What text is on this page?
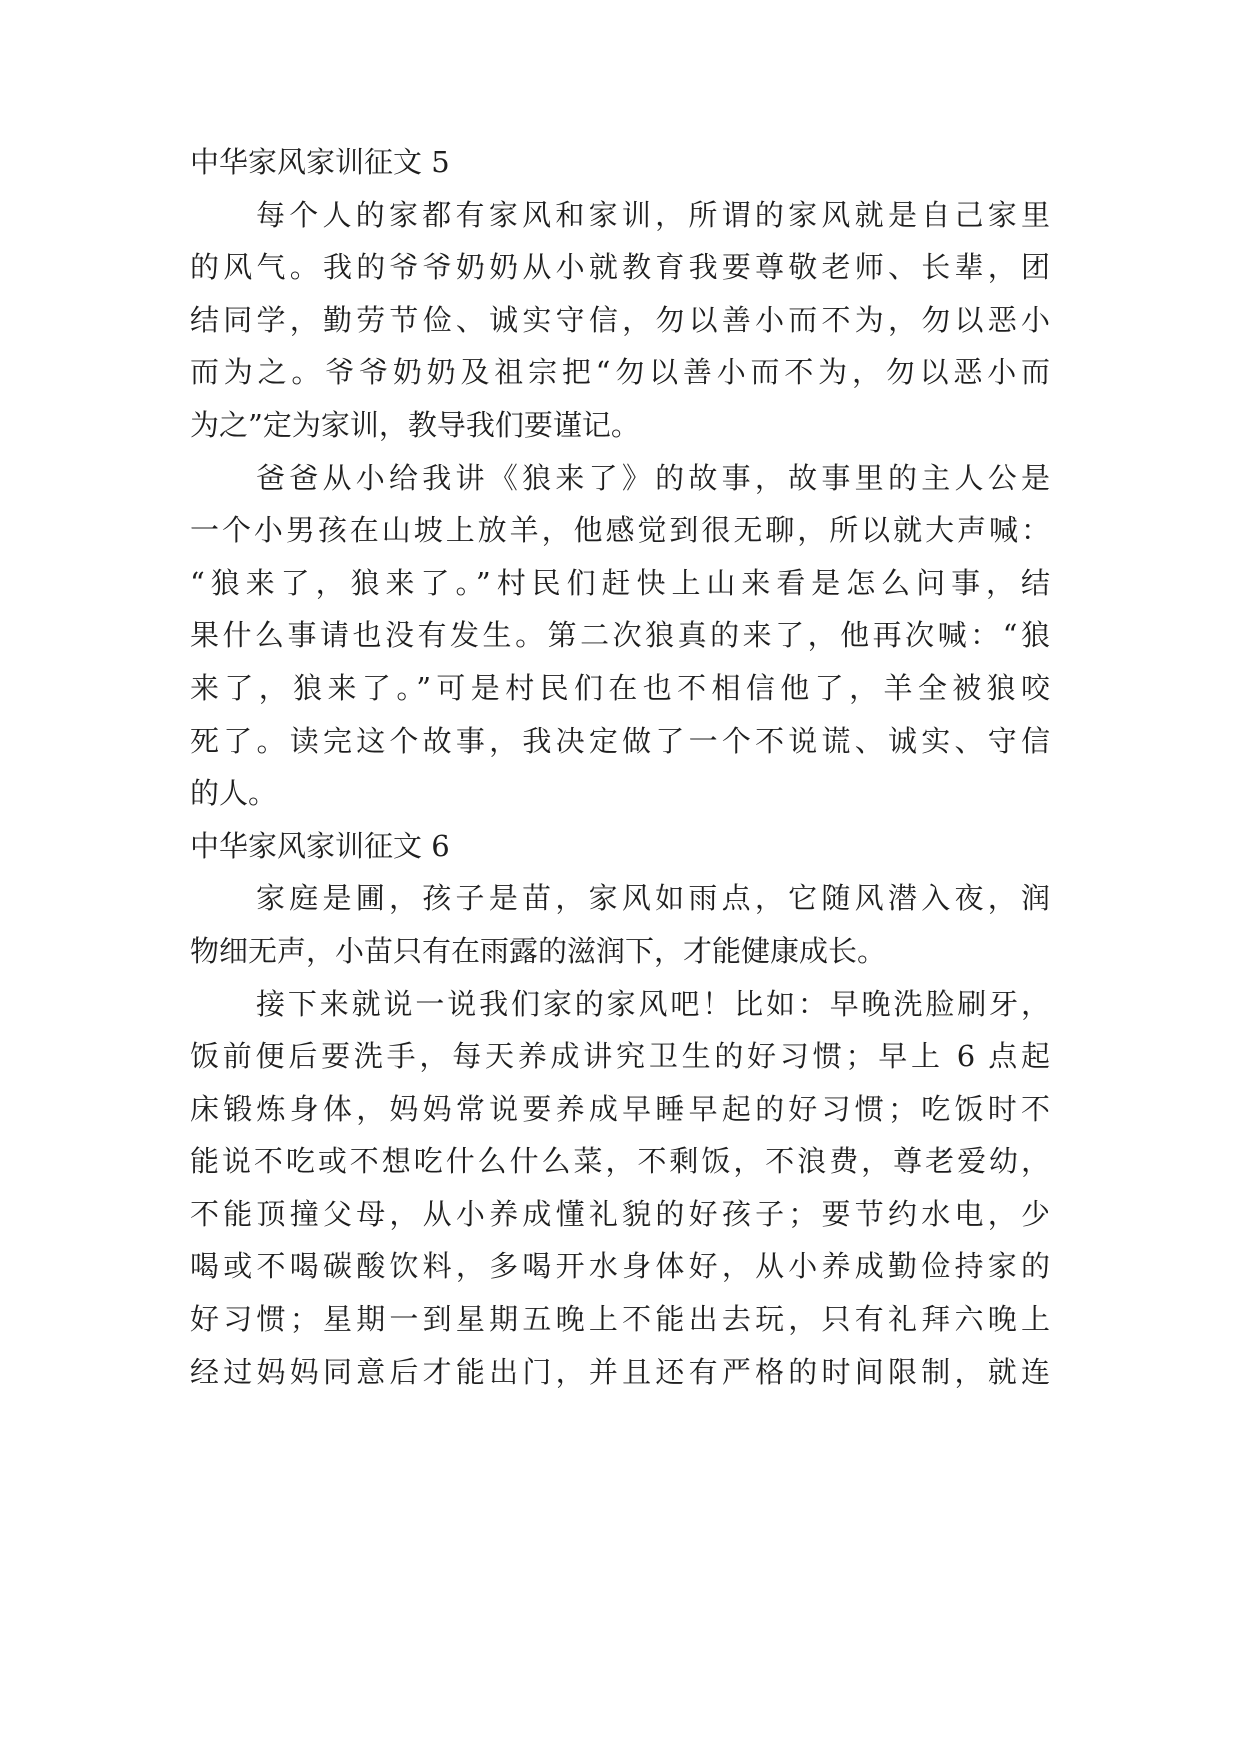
中华家风家训征文 5
每个人的家都有家风和家训，所谓的家风就是自己家里
的风气。我的爷爷奶奶从小就教育我要尊敬老师、长辈，团
结同学，勤劳节俭、诚实守信，勿以善小而不为，勿以恶小
而为之。爷爷奶奶及祖宗把“勿以善小而不为，勿以恶小而
为之”定为家训，教导我们要谨记。
爸爸从小给我讲《狼来了》的故事，故事里的主人公是
一个小男孩在山坡上放羊，他感觉到很无聊，所以就大声喊：
“狼来了，狼来了。”村民们赶快上山来看是怎么问事，结
果什么事请也没有发生。第二次狼真的来了，他再次喊：“狼
来了，狼来了。”可是村民们在也不相信他了，羊全被狼咬
死了。读完这个故事，我决定做了一个不说谎、诚实、守信
的人。
中华家风家训征文 6
家庭是圃，孩子是苗，家风如雨点，它随风潜入夜，润
物细无声，小苗只有在雨露的滋润下，才能健康成长。
接下来就说一说我们家的家风吧！比如：早晚洗脸刷牙，
饭前便后要洗手，每天养成讲究卫生的好习惯；早上 6 点起
床锻炼身体，妈妈常说要养成早睡早起的好习惯；吃饭时不
能说不吃或不想吃什么什么菜，不剩饭，不浪费，尊老爱幼，
不能顶撞父母，从小养成懂礼貌的好孩子；要节约水电，少
喝或不喝碳酸饮料，多喝开水身体好，从小养成勤俭持家的
好习惯；星期一到星期五晚上不能出去玩，只有礼拜六晚上
经过妈妈同意后才能出门，并且还有严格的时间限制，就连
